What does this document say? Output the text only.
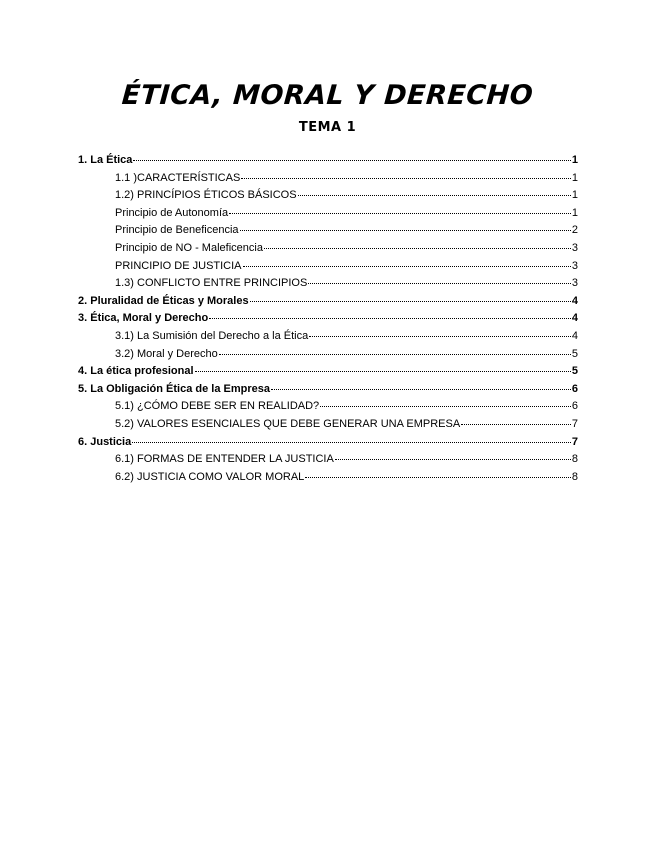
ÉTICA, MORAL Y DERECHO
TEMA 1
1. La Ética	1
1.1 )CARACTERÍSTICAS	1
1.2) PRINCÍPIOS ÉTICOS BÁSICOS	1
Principio de Autonomía	1
Principio de Beneficencia	2
Principio de NO - Maleficencia	3
PRINCIPIO DE JUSTICIA	3
1.3) CONFLICTO ENTRE PRINCIPIOS	3
2. Pluralidad de Éticas y Morales	4
3. Ética, Moral y Derecho	4
3.1) La Sumisión del Derecho a la Ética	4
3.2) Moral y Derecho	5
4. La ética profesional	5
5. La Obligación Ética de la Empresa	6
5.1) ¿CÓMO DEBE SER EN REALIDAD?	6
5.2) VALORES ESENCIALES QUE DEBE GENERAR UNA EMPRESA	7
6. Justicia	7
6.1) FORMAS DE ENTENDER LA JUSTICIA	8
6.2) JUSTICIA COMO VALOR MORAL	8
